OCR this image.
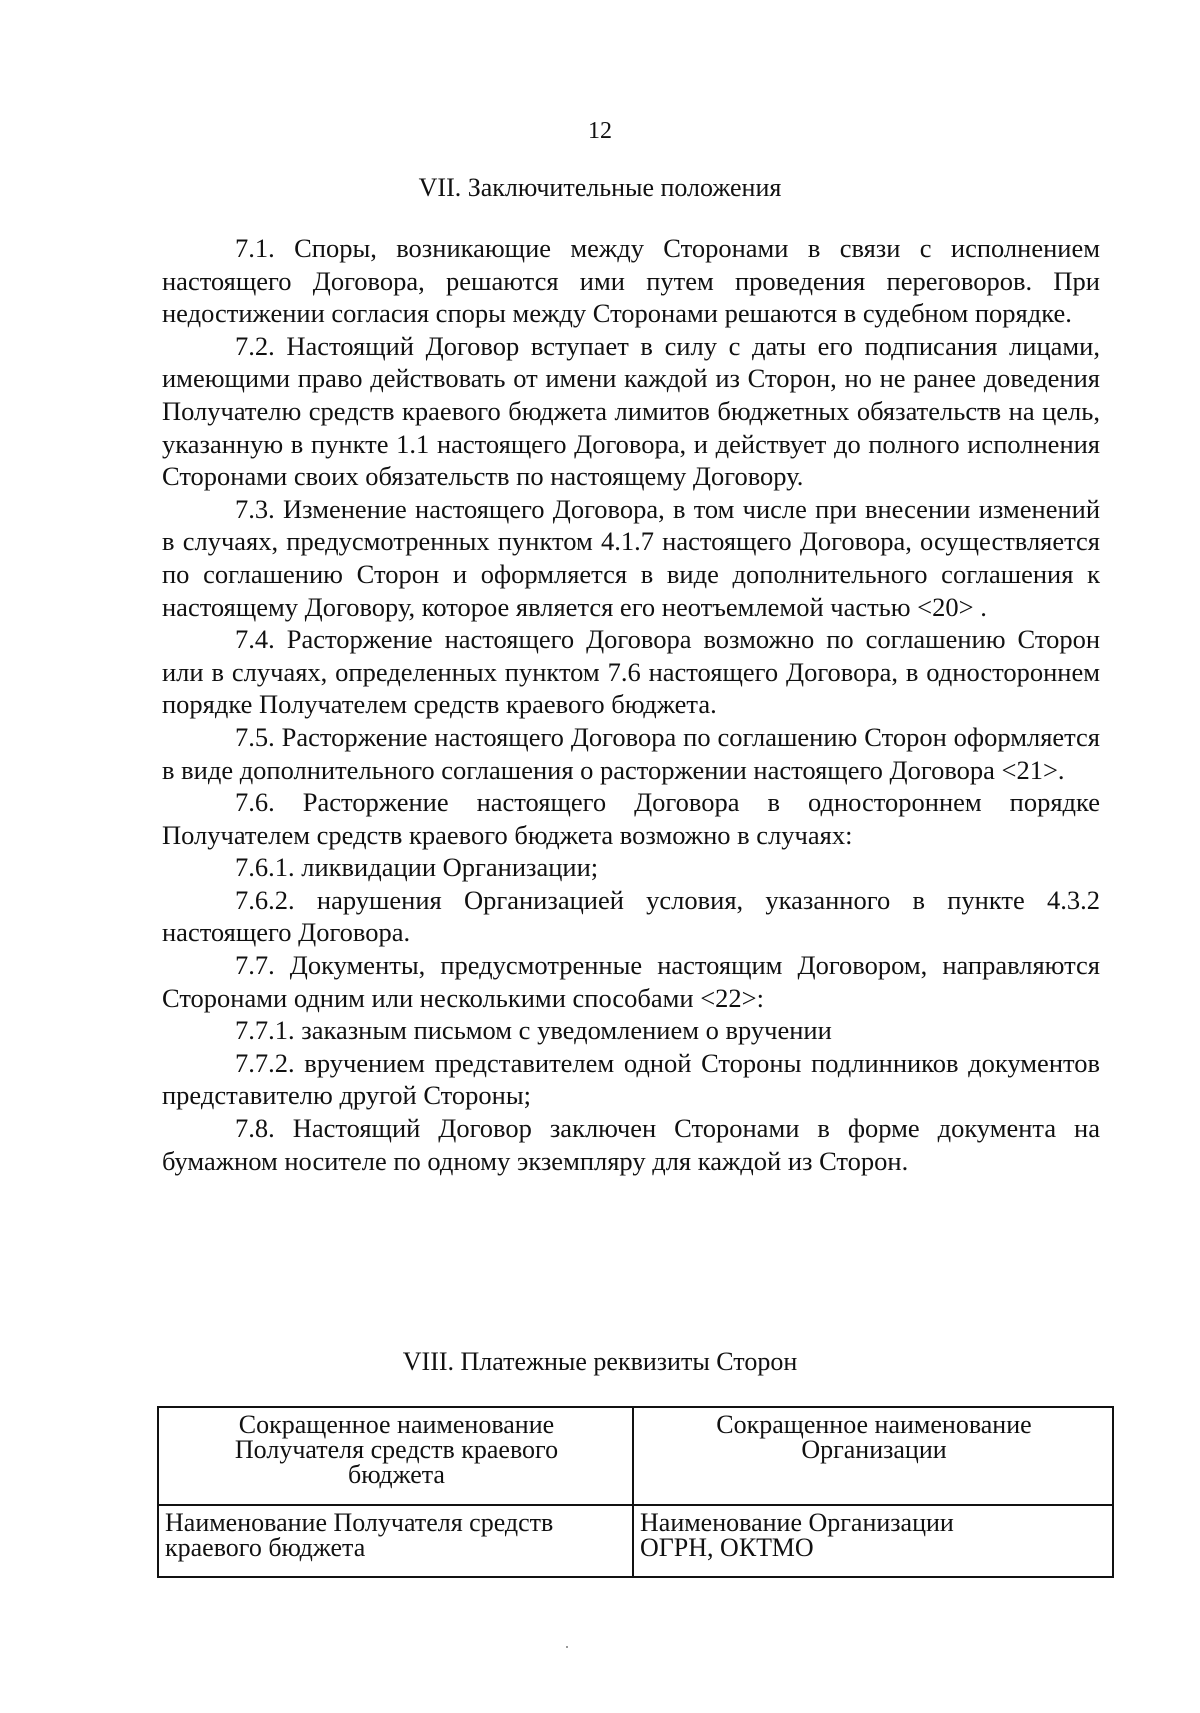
12
VII. Заключительные положения

7.1. Споры, возникающие между Сторонами в связи с исполнением настоящего Договора, решаются ими путем проведения переговоров. При недостижении согласия споры между Сторонами решаются в судебном порядке.

7.2. Настоящий Договор вступает в силу с даты его подписания лицами, имеющими право действовать от имени каждой из Сторон, но не ранее доведения Получателю средств краевого бюджета лимитов бюджетных обязательств на цель, указанную в пункте 1.1 настоящего Договора, и действует до полного исполнения Сторонами своих обязательств по настоящему Договору.

7.3. Изменение настоящего Договора, в том числе при внесении изменений в случаях, предусмотренных пунктом 4.1.7 настоящего Договора, осуществляется по соглашению Сторон и оформляется в виде дополнительного соглашения к настоящему Договору, которое является его неотъемлемой частью <20> .

7.4. Расторжение настоящего Договора возможно по соглашению Сторон или в случаях, определенных пунктом 7.6 настоящего Договора, в одностороннем порядке Получателем средств краевого бюджета.

7.5. Расторжение настоящего Договора по соглашению Сторон оформляется в виде дополнительного соглашения о расторжении настоящего Договора <21>.

7.6. Расторжение настоящего Договора в одностороннем порядке Получателем средств краевого бюджета возможно в случаях:

7.6.1. ликвидации Организации;

7.6.2. нарушения Организацией условия, указанного в пункте 4.3.2 настоящего Договора.

7.7. Документы, предусмотренные настоящим Договором, направляются Сторонами одним или несколькими способами <22>:

7.7.1. заказным письмом с уведомлением о вручении

7.7.2. вручением представителем одной Стороны подлинников документов представителю другой Стороны;

7.8. Настоящий Договор заключен Сторонами в форме документа на бумажном носителе по одному экземпляру для каждой из Сторон.

VIII. Платежные реквизиты Сторон
Сокращенное наименование
Получателя средств краевого
бюджета	Сокращенное наименование
Организации

Наименование Получателя средств
краевого бюджета	Наименование Организации
ОГРН, ОКТМО
